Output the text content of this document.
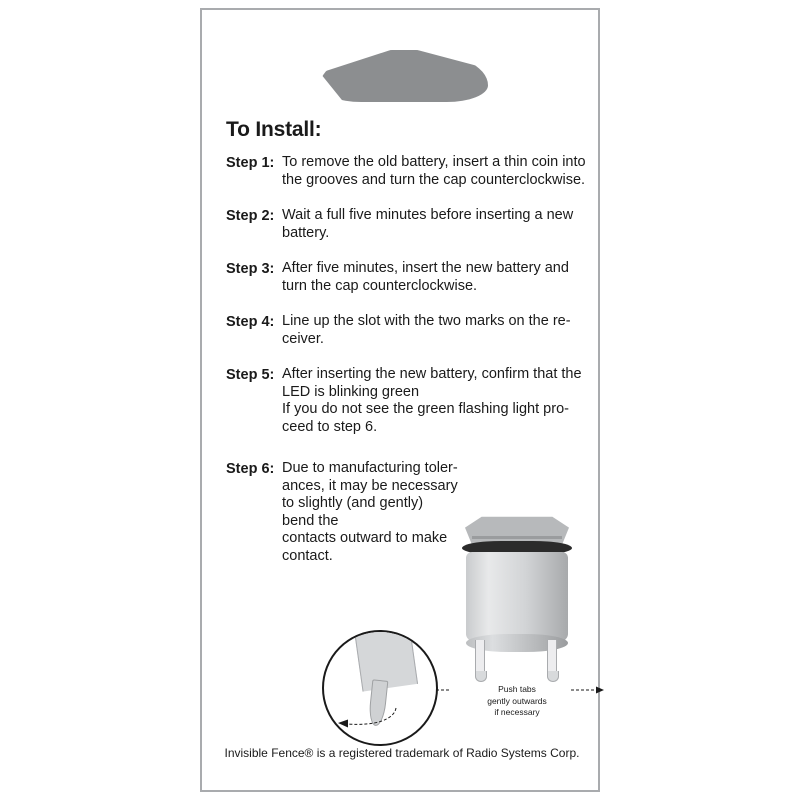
To Install:
Step 1: To remove the old battery, insert a thin coin into
the grooves and turn the cap counterclockwise.
Step 2: Wait a full five minutes before inserting a new
battery.
Step 3: After five minutes, insert the new battery and
turn the cap counterclockwise.
Step 4: Line up the slot with the two marks on the re-
ceiver.
Step 5: After inserting the new battery, confirm that the
LED is blinking green
If you do not see the green flashing light pro-
ceed to step 6.
Step 6: Due to manufacturing toler-
ances, it may be necessary
to slightly (and gently)
bend the
contacts outward to make
contact.
Push tabs
gently outwards
if necessary
Invisible Fence® is a registered trademark of Radio Systems Corp.
